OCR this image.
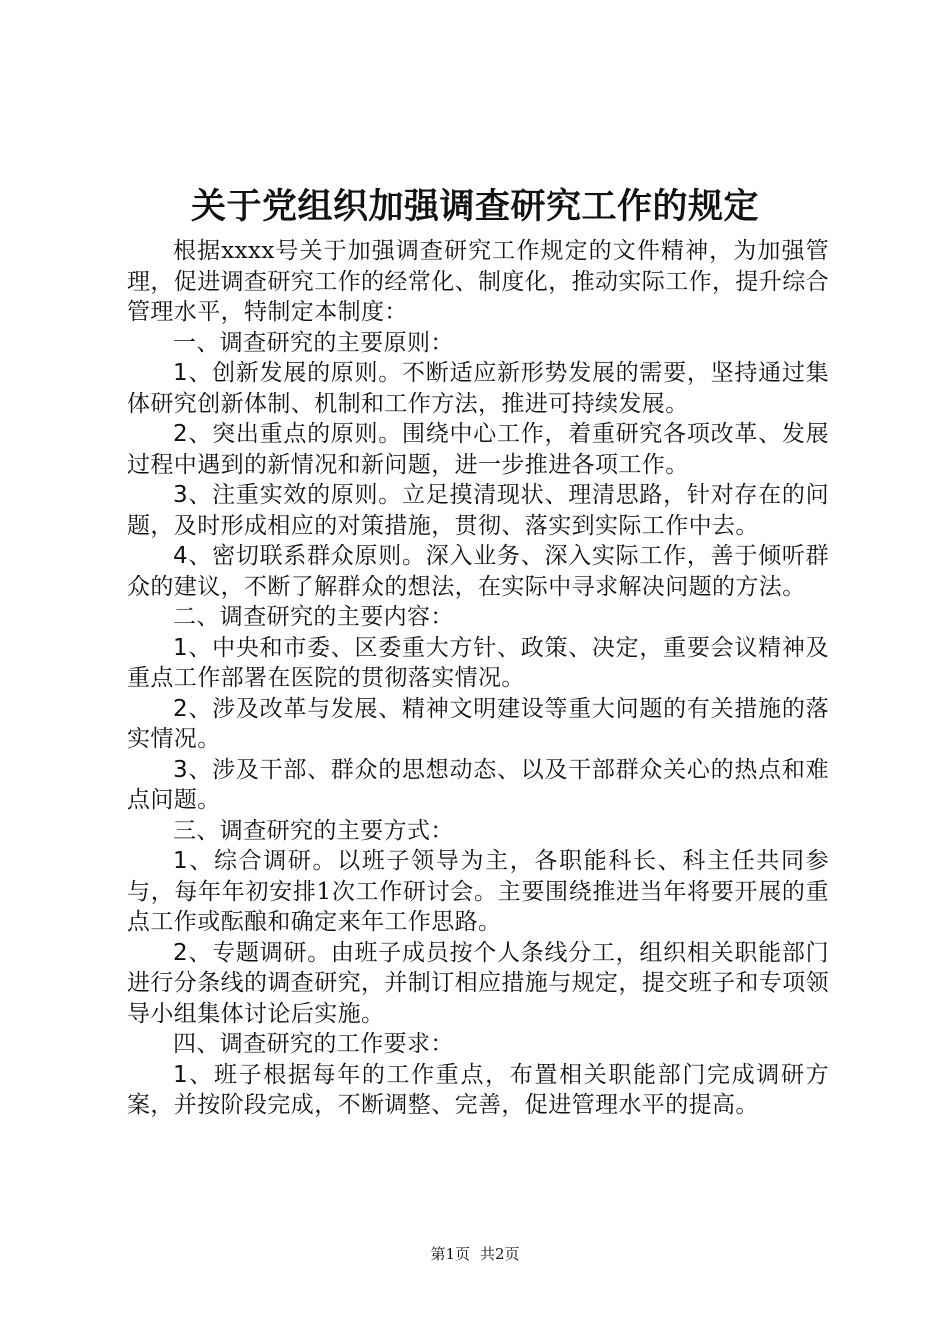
关于党组织加强调查研究工作的规定

根据xxxx号关于加强调查研究工作规定的文件精神，为加强管理，促进调查研究工作的经常化、制度化，推动实际工作，提升综合管理水平，特制定本制度：

一、调查研究的主要原则：

1、创新发展的原则。不断适应新形势发展的需要，坚持通过集体研究创新体制、机制和工作方法，推进可持续发展。

2、突出重点的原则。围绕中心工作，着重研究各项改革、发展过程中遇到的新情况和新问题，进一步推进各项工作。

3、注重实效的原则。立足摸清现状、理清思路，针对存在的问题，及时形成相应的对策措施，贯彻、落实到实际工作中去。

4、密切联系群众原则。深入业务、深入实际工作，善于倾听群众的建议，不断了解群众的想法，在实际中寻求解决问题的方法。

二、调查研究的主要内容：

1、中央和市委、区委重大方针、政策、决定，重要会议精神及重点工作部署在医院的贯彻落实情况。

2、涉及改革与发展、精神文明建设等重大问题的有关措施的落实情况。

3、涉及干部、群众的思想动态、以及干部群众关心的热点和难点问题。

三、调查研究的主要方式：

1、综合调研。以班子领导为主，各职能科长、科主任共同参与，每年年初安排1次工作研讨会。主要围绕推进当年将要开展的重点工作或酝酿和确定来年工作思路。

2、专题调研。由班子成员按个人条线分工，组织相关职能部门进行分条线的调查研究，并制订相应措施与规定，提交班子和专项领导小组集体讨论后实施。

四、调查研究的工作要求：

1、班子根据每年的工作重点，布置相关职能部门完成调研方案，并按阶段完成，不断调整、完善，促进管理水平的提高。

第1页 共2页
